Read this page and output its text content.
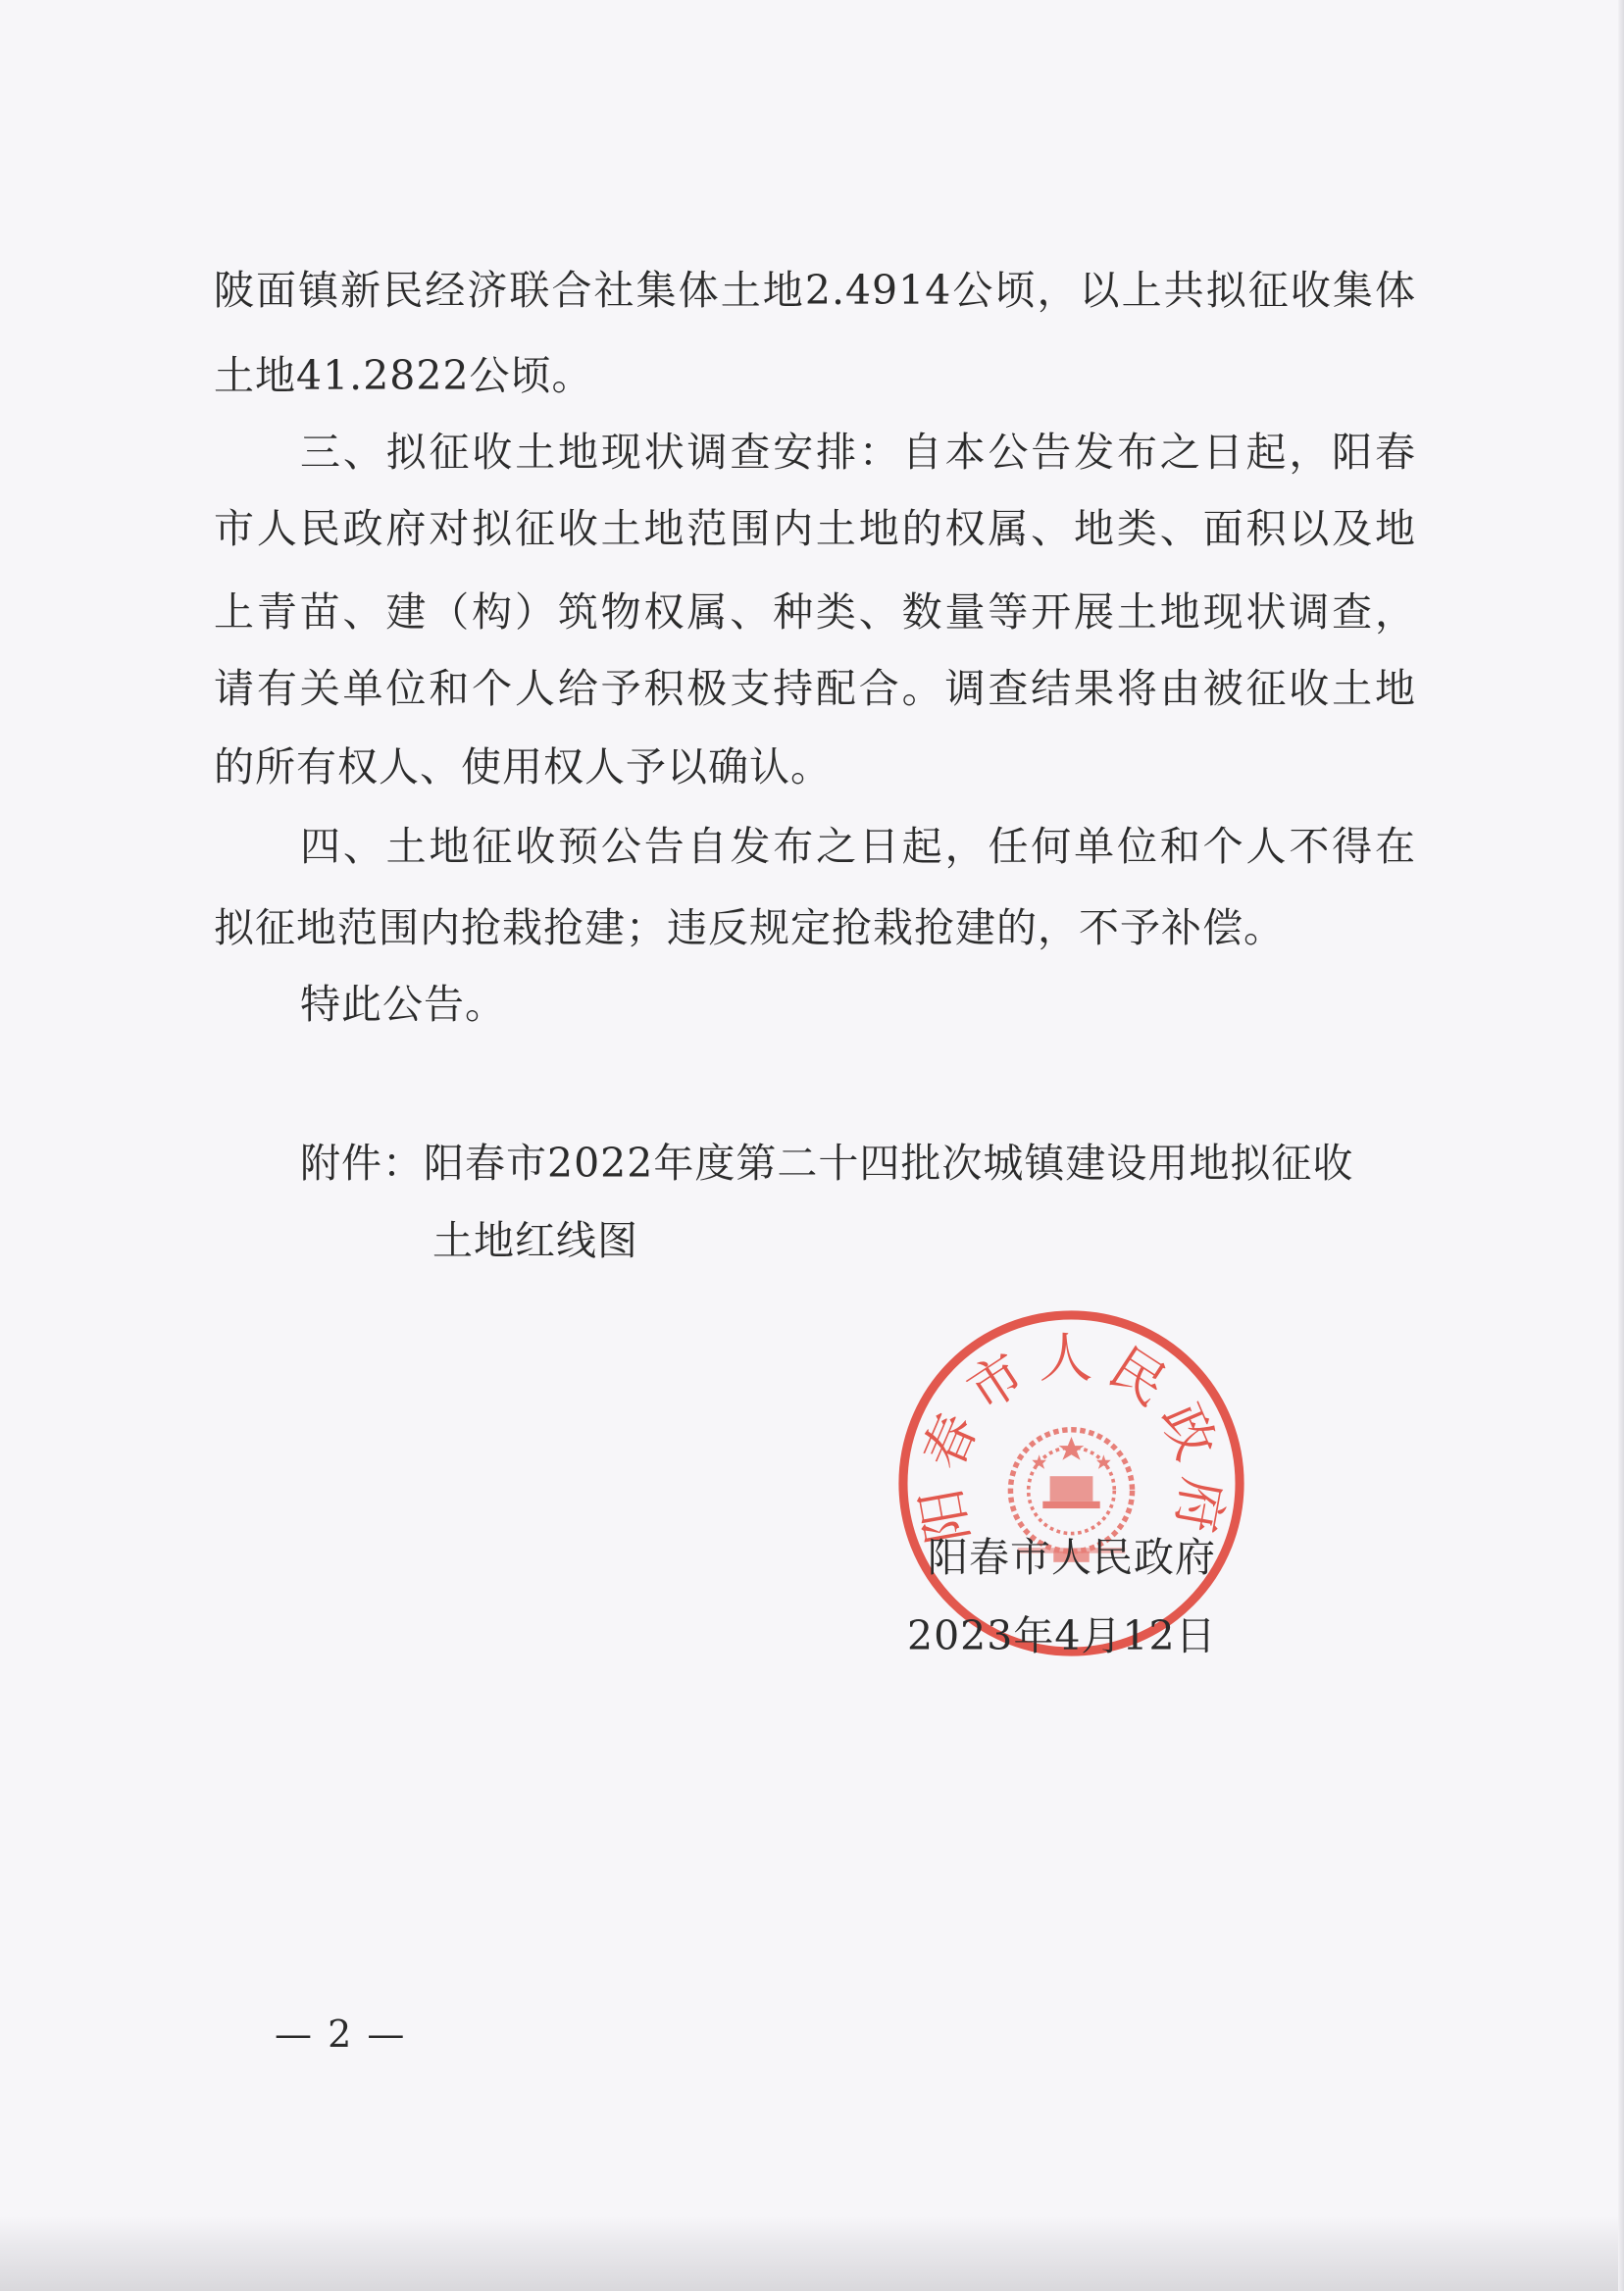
陂面镇新民经济联合社集体土地2.4914公顷，以上共拟征收集体
土地41.2822公顷。
三、拟征收土地现状调查安排：自本公告发布之日起，阳春
市人民政府对拟征收土地范围内土地的权属、地类、面积以及地
上青苗、建（构）筑物权属、种类、数量等开展土地现状调查，
请有关单位和个人给予积极支持配合。调查结果将由被征收土地
的所有权人、使用权人予以确认。
四、土地征收预公告自发布之日起，任何单位和个人不得在
拟征地范围内抢栽抢建；违反规定抢栽抢建的，不予补偿。
特此公告。
附件：阳春市2022年度第二十四批次城镇建设用地拟征收
土地红线图
阳春市人民政府
阳春市人民政府
2023年4月12日
— 2 —
